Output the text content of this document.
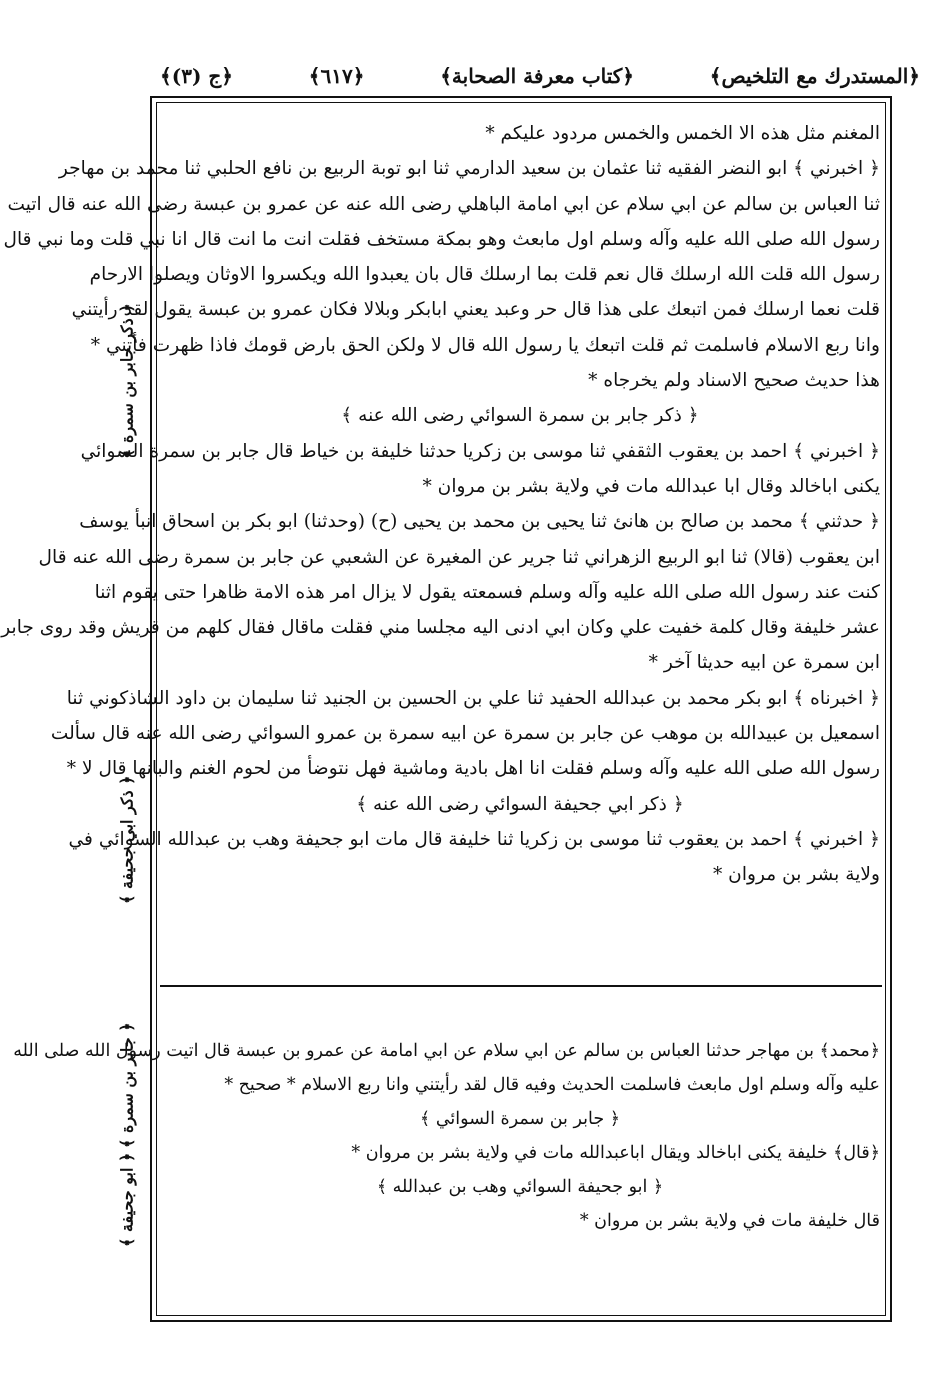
﴿المستدرك مع التلخيص﴾
﴿كتاب معرفة الصحابة﴾
﴿٦١٧﴾
﴿ج (٣)﴾
المغنم مثل هذه الا الخمس والخمس مردود عليكم *
﴿ اخبرني ﴾ ابو النضر الفقيه ثنا عثمان بن سعيد الدارمي ثنا ابو توبة الربيع بن نافع الحلبي ثنا محمد بن مهاجر
ثنا العباس بن سالم عن ابي سلام عن ابي امامة الباهلي رضى الله عنه عن عمرو بن عبسة رضى الله عنه قال اتيت
رسول الله صلى الله عليه وآله وسلم اول مابعث وهو بمكة مستخف فقلت انت ما انت قال انا نبي قلت وما نبي قال
رسول الله قلت الله ارسلك قال نعم قلت بما ارسلك قال بان يعبدوا الله ويكسروا الاوثان ويصلوا الارحام
قلت نعما ارسلك فمن اتبعك على هذا قال حر وعبد يعني ابابكر وبلالا فكان عمرو بن عبسة يقول لقد رأيتني
وانا ربع الاسلام فاسلمت ثم قلت اتبعك يا رسول الله قال لا ولكن الحق بارض قومك فاذا ظهرت فأتني *
هذا حديث صحيح الاسناد ولم يخرجاه *
﴿ ذكر جابر بن سمرة السوائي رضى الله عنه ﴾
﴿ اخبرني ﴾ احمد بن يعقوب الثقفي ثنا موسى بن زكريا حدثنا خليفة بن خياط قال جابر بن سمرة السوائي
يكنى اباخالد وقال ابا عبدالله مات في ولاية بشر بن مروان *
﴿ حدثني ﴾ محمد بن صالح بن هانئ ثنا يحيى بن محمد بن يحيى (ح) (وحدثنا) ابو بكر بن اسحاق انبأ يوسف
ابن يعقوب (قالا) ثنا ابو الربيع الزهراني ثنا جرير عن المغيرة عن الشعبي عن جابر بن سمرة رضى الله عنه قال
كنت عند رسول الله صلى الله عليه وآله وسلم فسمعته يقول لا يزال امر هذه الامة ظاهرا حتى يقوم اثنا
عشر خليفة وقال كلمة خفيت علي وكان ابي ادنى اليه مجلسا مني فقلت ماقال فقال كلهم من قريش وقد روى جابر
ابن سمرة عن ابيه حديثا آخر *
﴿ اخبرناه ﴾ ابو بكر محمد بن عبدالله الحفيد ثنا علي بن الحسين بن الجنيد ثنا سليمان بن داود الشاذكوني ثنا
اسمعيل بن عبيدالله بن موهب عن جابر بن سمرة عن ابيه سمرة بن عمرو السوائي رضى الله عنه قال سألت
رسول الله صلى الله عليه وآله وسلم فقلت انا اهل بادية وماشية فهل نتوضأ من لحوم الغنم والبانها قال لا *
﴿ ذكر ابي جحيفة السوائي رضى الله عنه ﴾
﴿ اخبرني ﴾ احمد بن يعقوب ثنا موسى بن زكريا ثنا خليفة قال مات ابو جحيفة وهب بن عبدالله السوائي في
ولاية بشر بن مروان *
﴿محمد﴾ بن مهاجر حدثنا العباس بن سالم عن ابي سلام عن ابي امامة عن عمرو بن عبسة قال اتيت رسول الله صلى الله
عليه وآله وسلم اول مابعث فاسلمت الحديث وفيه قال لقد رأيتني وانا ربع الاسلام * صحيح *
﴿ جابر بن سمرة السوائي ﴾
﴿قال﴾ خليفة يكنى اباخالد ويقال اباعبدالله مات في ولاية بشر بن مروان *
﴿ ابو جحيفة السوائي وهب بن عبدالله ﴾
قال خليفة مات في ولاية بشر بن مروان *
﴿ ذكر جابر بن سمرة ﴾
﴿ ذكر ابي جحيفة ﴾
﴿ جابر بن سمرة ﴾
﴿ ابو جحيفة ﴾
